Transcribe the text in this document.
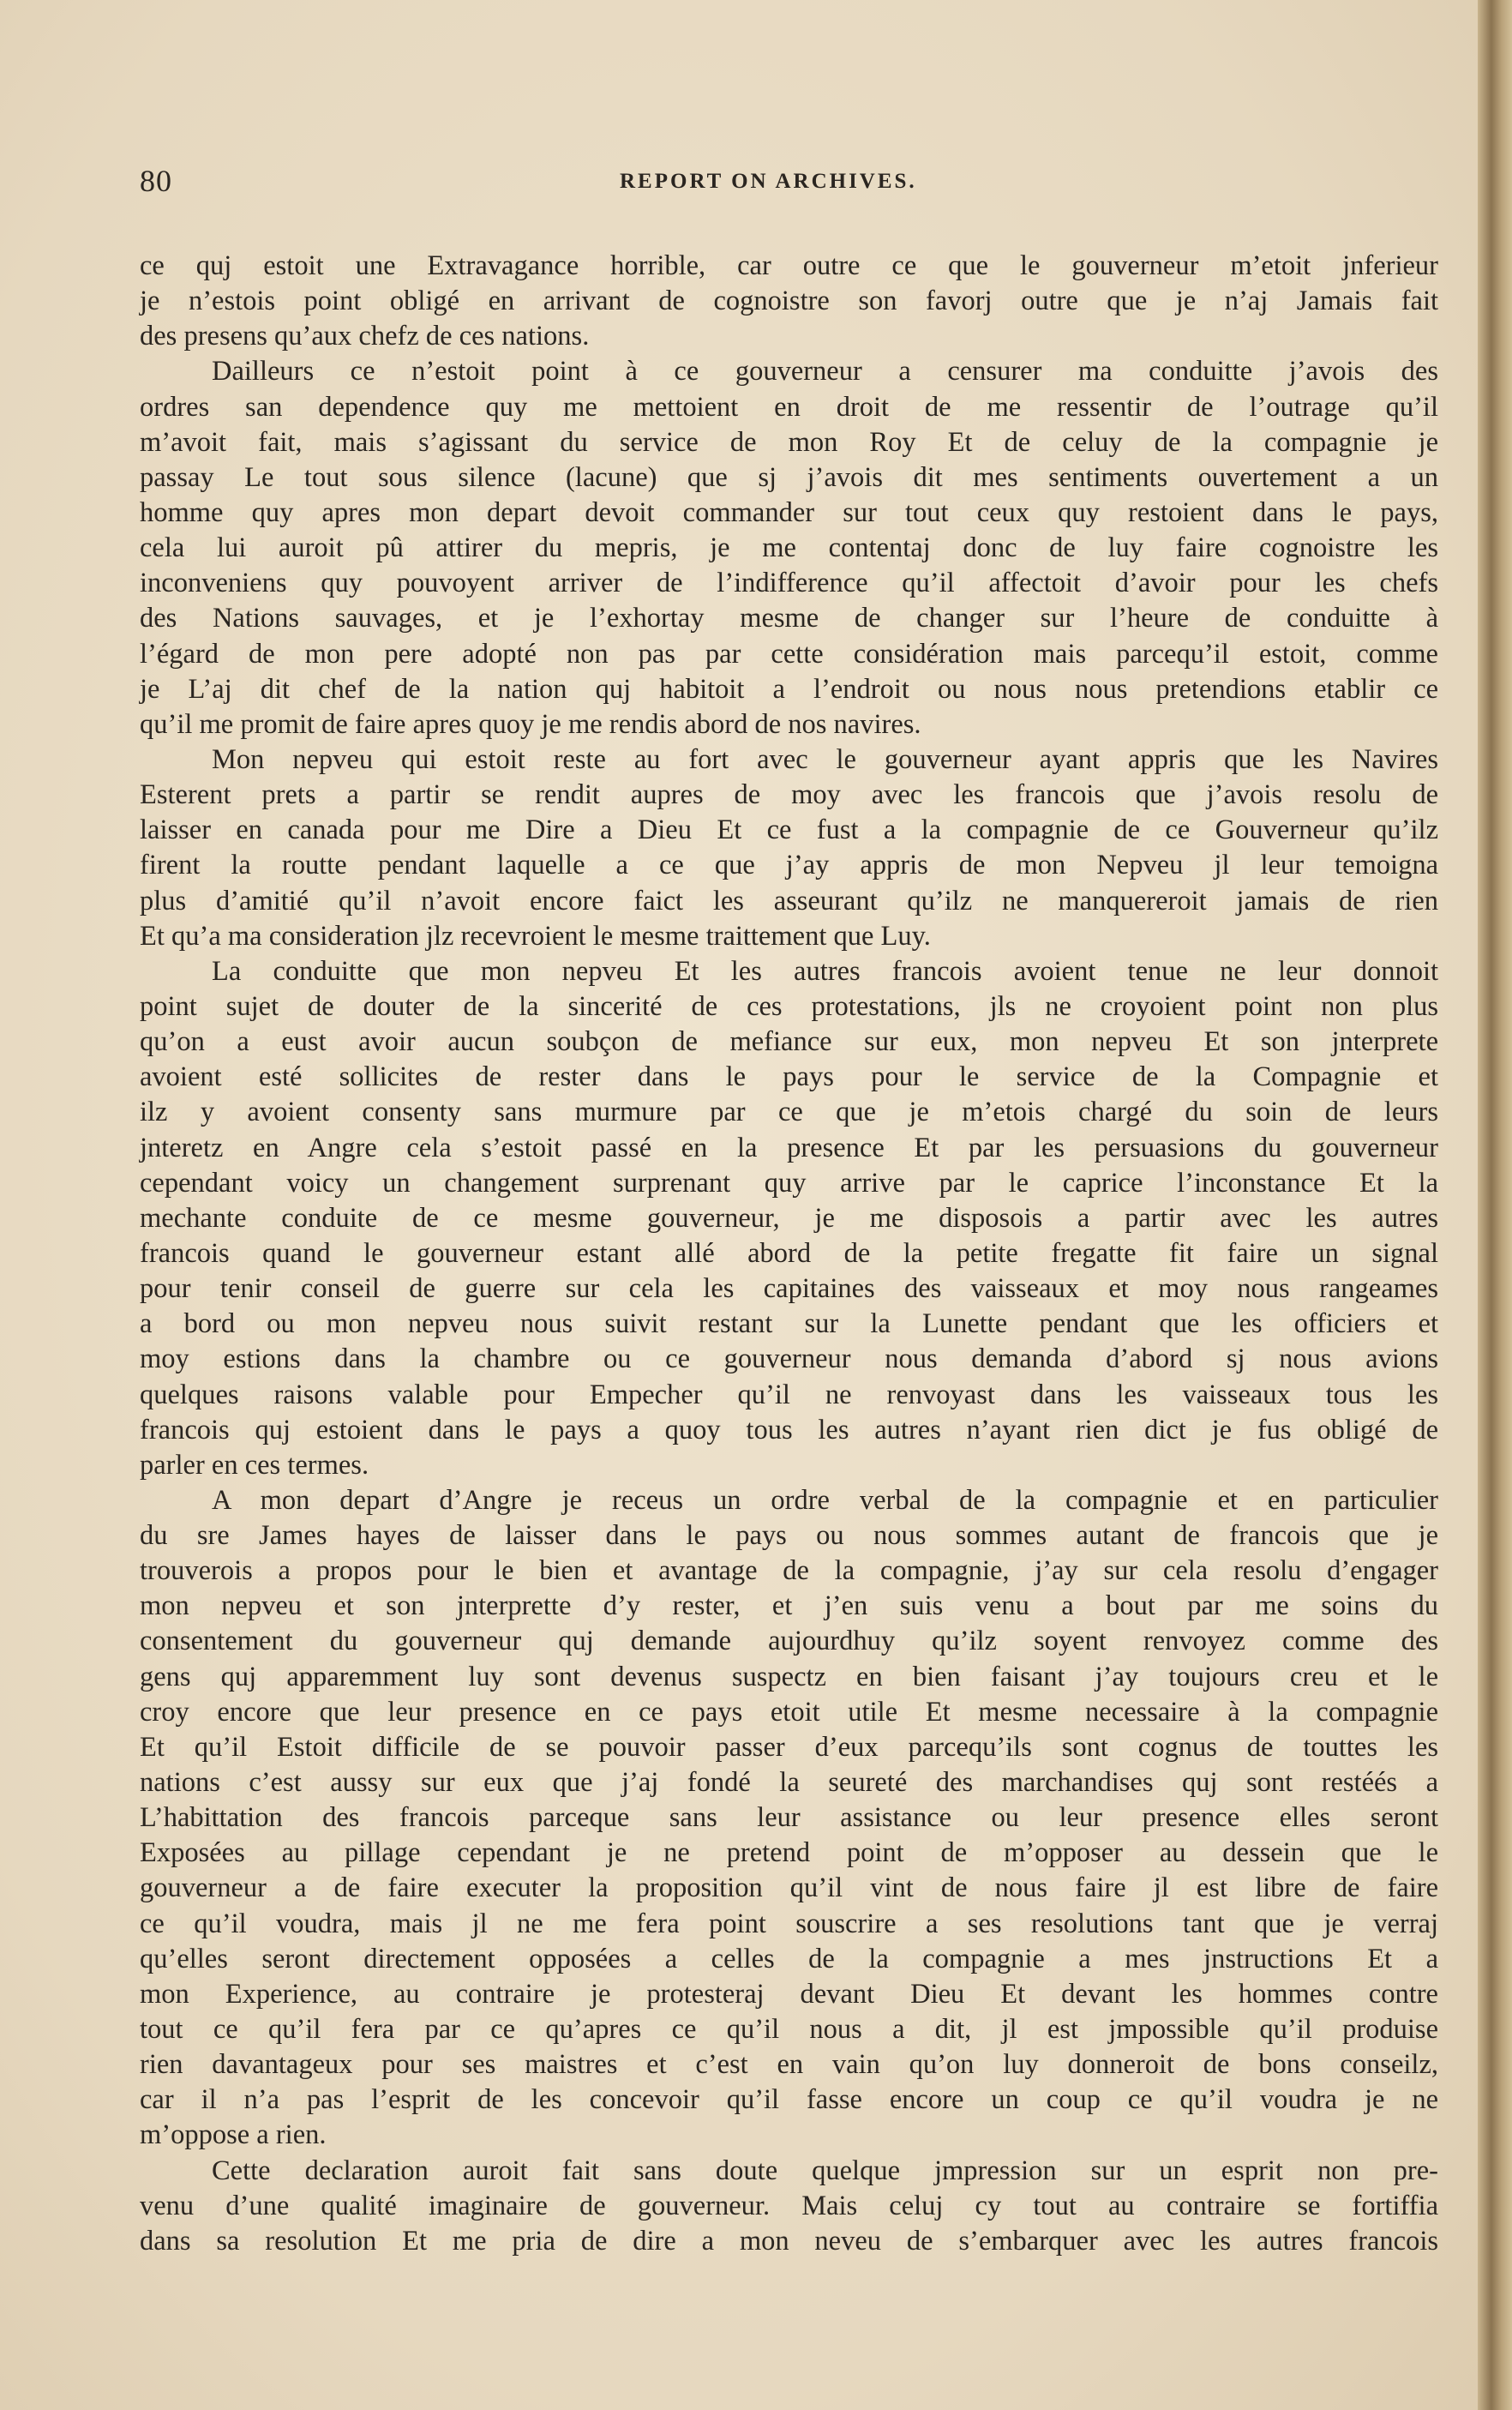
80	REPORT ON ARCHIVES.
ce quj estoit une Extravagance horrible, car outre ce que le gouverneur m’etoit jnferieur
je n’estois point obligé en arrivant de cognoistre son favorj outre que je n’aj Jamais fait
des presens qu’aux chefz de ces nations.
Dailleurs ce n’estoit point à ce gouverneur a censurer ma conduitte j’avois des
ordres san dependence quy me mettoient en droit de me ressentir de l’outrage qu’il
m’avoit fait, mais s’agissant du service de mon Roy Et de celuy de la compagnie je
passay Le tout sous silence (lacune) que sj j’avois dit mes sentiments ouvertement a un
homme quy apres mon depart devoit commander sur tout ceux quy restoient dans le pays,
cela lui auroit pû attirer du mepris, je me contentaj donc de luy faire cognoistre les
inconveniens quy pouvoyent arriver de l’indifference qu’il affectoit d’avoir pour les chefs
des Nations sauvages, et je l’exhortay mesme de changer sur l’heure de conduitte à
l’égard de mon pere adopté non pas par cette considération mais parcequ’il estoit, comme
je L’aj dit chef de la nation quj habitoit a l’endroit ou nous nous pretendions etablir ce
qu’il me promit de faire apres quoy je me rendis abord de nos navires.
Mon nepveu qui estoit reste au fort avec le gouverneur ayant appris que les Navires
Esterent prets a partir se rendit aupres de moy avec les francois que j’avois resolu de
laisser en canada pour me Dire a Dieu Et ce fust a la compagnie de ce Gouverneur qu’ilz
firent la routte pendant laquelle a ce que j’ay appris de mon Nepveu jl leur temoigna
plus d’amitié qu’il n’avoit encore faict les asseurant qu’ilz ne manquereroit jamais de rien
Et qu’a ma consideration jlz recevroient le mesme traittement que Luy.
La conduitte que mon nepveu Et les autres francois avoient tenue ne leur donnoit
point sujet de douter de la sincerité de ces protestations, jls ne croyoient point non plus
qu’on a eust avoir aucun soubçon de mefiance sur eux, mon nepveu Et son jnterprete
avoient esté sollicites de rester dans le pays pour le service de la Compagnie et
ilz y avoient consenty sans murmure par ce que je m’etois chargé du soin de leurs
jnteretz en Angre cela s’estoit passé en la presence Et par les persuasions du gouverneur
cependant voicy un changement surprenant quy arrive par le caprice l’inconstance Et la
mechante conduite de ce mesme gouverneur, je me disposois a partir avec les autres
francois quand le gouverneur estant allé abord de la petite fregatte fit faire un signal
pour tenir conseil de guerre sur cela les capitaines des vaisseaux et moy nous rangeames
a bord ou mon nepveu nous suivit restant sur la Lunette pendant que les officiers et
moy estions dans la chambre ou ce gouverneur nous demanda d’abord sj nous avions
quelques raisons valable pour Empecher qu’il ne renvoyast dans les vaisseaux tous les
francois quj estoient dans le pays a quoy tous les autres n’ayant rien dict je fus obligé de
parler en ces termes.
A mon depart d’Angre je receus un ordre verbal de la compagnie et en particulier
du sre James hayes de laisser dans le pays ou nous sommes autant de francois que je
trouverois a propos pour le bien et avantage de la compagnie, j’ay sur cela resolu d’engager
mon nepveu et son jnterprette d’y rester, et j’en suis venu a bout par me soins du
consentement du gouverneur quj demande aujourdhuy qu’ilz soyent renvoyez comme des
gens quj apparemment luy sont devenus suspectz en bien faisant j’ay toujours creu et le
croy encore que leur presence en ce pays etoit utile Et mesme necessaire à la compagnie
Et qu’il Estoit difficile de se pouvoir passer d’eux parcequ’ils sont cognus de touttes les
nations c’est aussy sur eux que j’aj fondé la seureté des marchandises quj sont restéés a
L’habittation des francois parceque sans leur assistance ou leur presence elles seront
Exposées au pillage cependant je ne pretend point de m’opposer au dessein que le
gouverneur a de faire executer la proposition qu’il vint de nous faire jl est libre de faire
ce qu’il voudra, mais jl ne me fera point souscrire a ses resolutions tant que je verraj
qu’elles seront directement opposées a celles de la compagnie a mes jnstructions Et a
mon Experience, au contraire je protesteraj devant Dieu Et devant les hommes contre
tout ce qu’il fera par ce qu’apres ce qu’il nous a dit, jl est jmpossible qu’il produise
rien davantageux pour ses maistres et c’est en vain qu’on luy donneroit de bons conseilz,
car il n’a pas l’esprit de les concevoir qu’il fasse encore un coup ce qu’il voudra je ne
m’oppose a rien.
Cette declaration auroit fait sans doute quelque jmpression sur un esprit non pre-
venu d’une qualité imaginaire de gouverneur. Mais celuj cy tout au contraire se fortiffia
dans sa resolution Et me pria de dire a mon neveu de s’embarquer avec les autres francois
